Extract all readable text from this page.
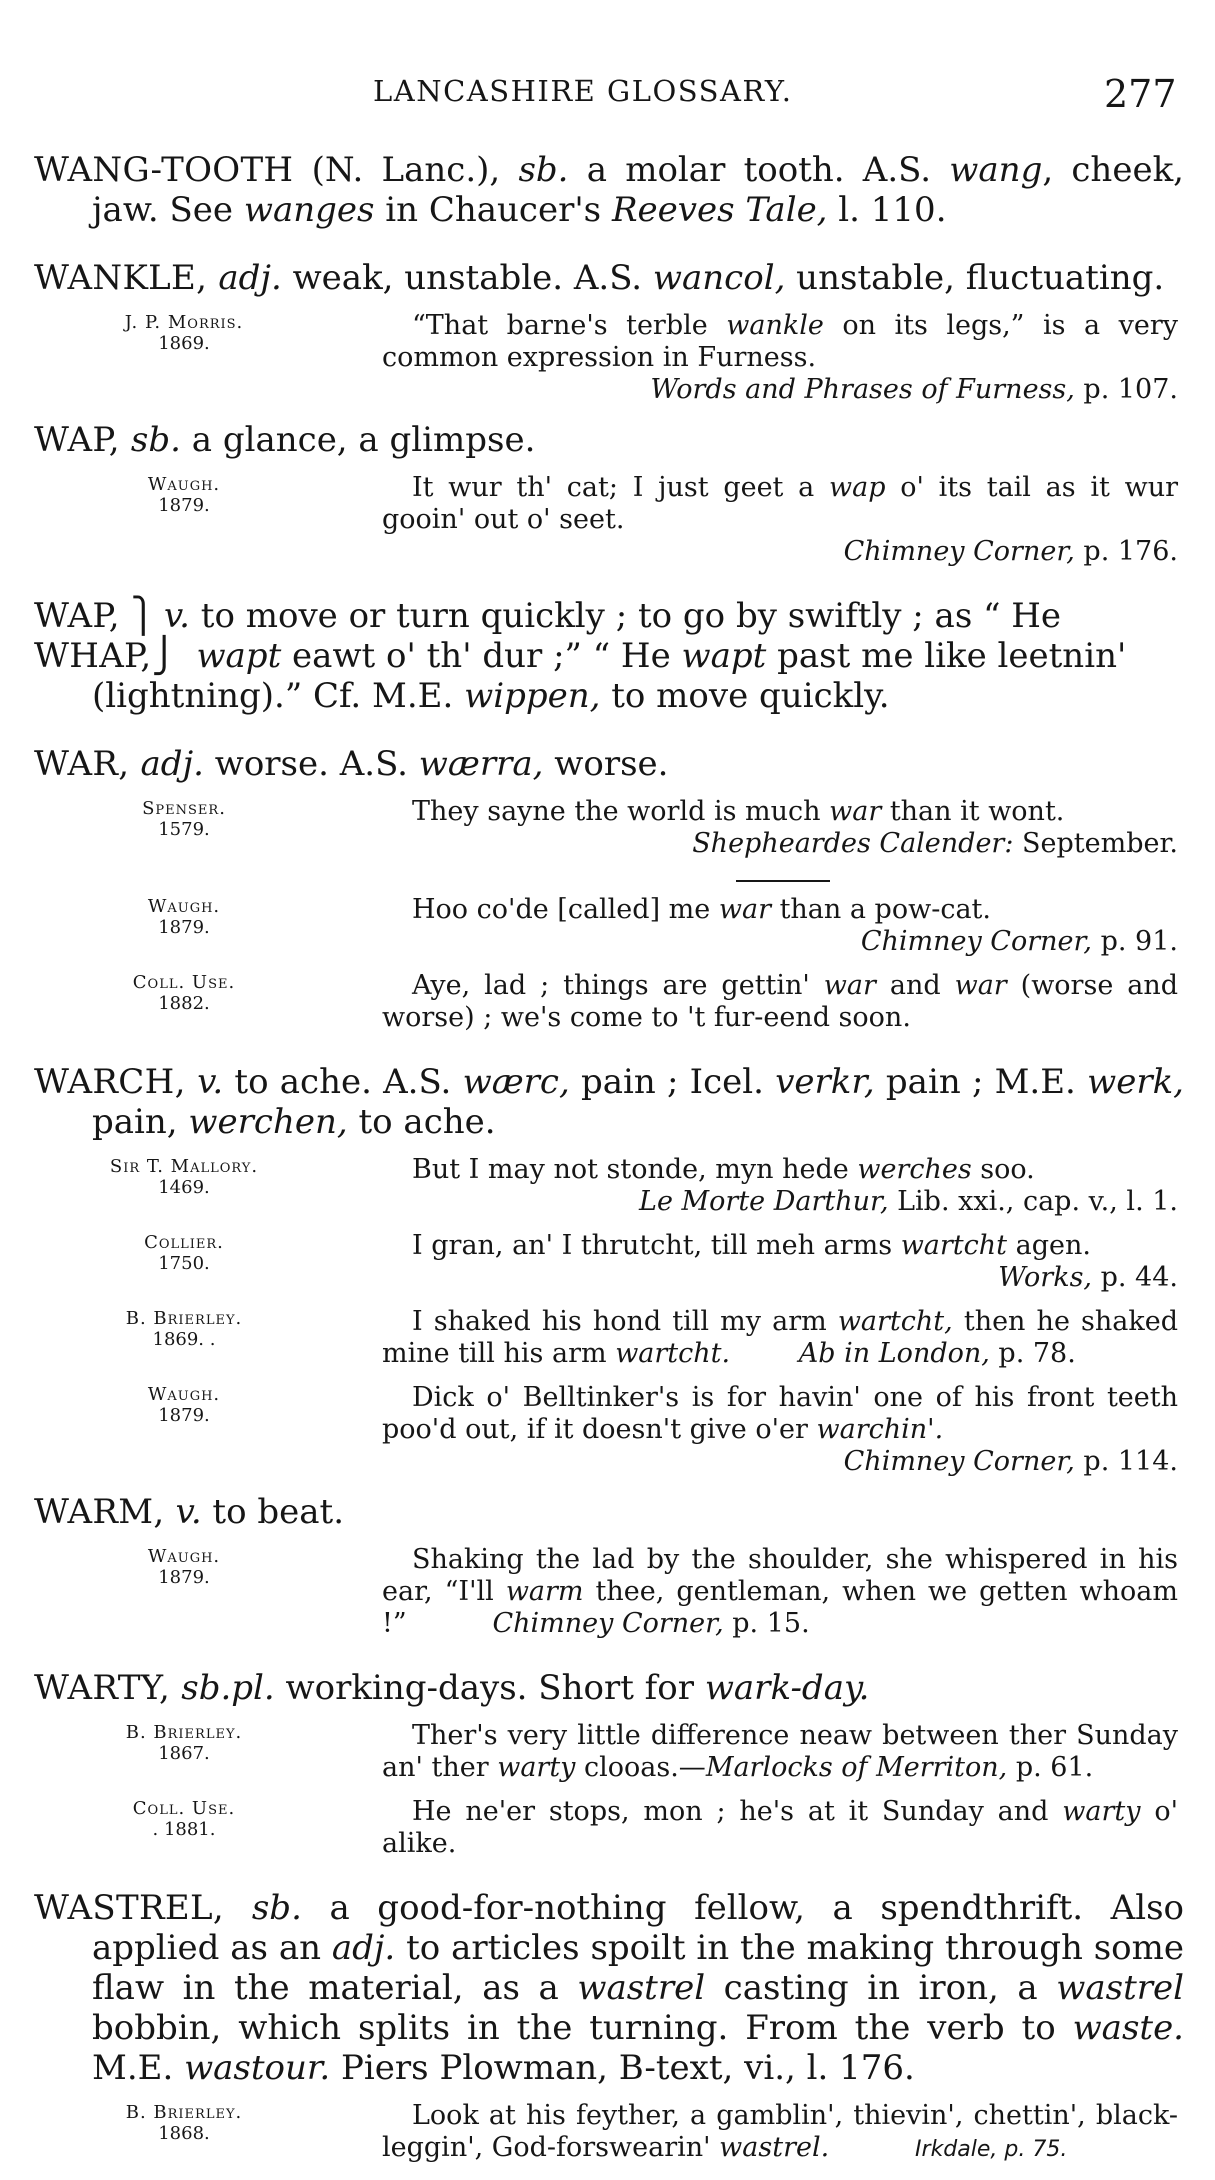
LANCASHIRE GLOSSARY.	277
WANG-TOOTH (N. Lanc.), sb. a molar tooth. A.S. wang, cheek, jaw. See wanges in Chaucer's Reeves Tale, l. 110.
WANKLE, adj. weak, unstable. A.S. wancol, unstable, fluctuating.
J. P. Morris.
1869.
“That barne's terble wankle on its legs,” is a very common expression in Furness.
Words and Phrases of Furness, p. 107.
WAP, sb. a glance, a glimpse.
Waugh.
1879.
It wur th' cat; I just geet a wap o' its tail as it wur gooin' out o' seet.
Chimney Corner, p. 176.
WAP, ⎫
WHAP,⎭
v. to move or turn quickly ; to go by swiftly ; as “ He
wapt eawt o' th' dur ;” “ He wapt past me like leetnin'
(lightning).” Cf. M.E. wippen, to move quickly.
WAR, adj. worse. A.S. wærra, worse.
Spenser.
1579.
They sayne the world is much war than it wont.
Shepheardes Calender: September.
Waugh.
1879.
Hoo co'de [called] me war than a pow-cat.
Chimney Corner, p. 91.
Coll. Use.
1882.
Aye, lad ; things are gettin' war and war (worse and worse) ; we's come to 't fur-eend soon.
WARCH, v. to ache. A.S. wærc, pain ; Icel. verkr, pain ; M.E. werk, pain, werchen, to ache.
Sir T. Mallory.
1469.
But I may not stonde, myn hede werches soo.
Le Morte Darthur, Lib. xxi., cap. v., l. 1.
Collier.
1750.
I gran, an' I thrutcht, till meh arms wartcht agen.
Works, p. 44.
B. Brierley.
1869. .
I shaked his hond till my arm wartcht, then he shaked mine till his arm wartcht.	Ab in London, p. 78.
Waugh.
1879.
Dick o' Belltinker's is for havin' one of his front teeth poo'd out, if it doesn't give o'er warchin'.
Chimney Corner, p. 114.
WARM, v. to beat.
Waugh.
1879.
Shaking the lad by the shoulder, she whispered in his ear, “I'll warm thee, gentleman, when we getten whoam !”	Chimney Corner, p. 15.
WARTY, sb.pl. working-days. Short for wark-day.
B. Brierley.
1867.
Ther's very little difference neaw between ther Sunday an' ther warty clooas.—Marlocks of Merriton, p. 61.
Coll. Use.
. 1881.
He ne'er stops, mon ; he's at it Sunday and warty o' alike.
WASTREL, sb. a good-for-nothing fellow, a spendthrift. Also applied as an adj. to articles spoilt in the making through some flaw in the material, as a wastrel casting in iron, a wastrel bobbin, which splits in the turning. From the verb to waste. M.E. wastour. Piers Plowman, B-text, vi., l. 176.
B. Brierley.
1868.
Look at his feyther, a gamblin', thievin', chettin', black-leggin', God-forswearin' wastrel.	Irkdale, p. 75.
